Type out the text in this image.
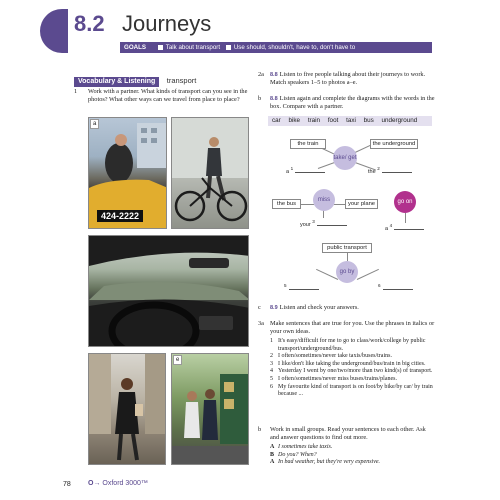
8.2 Journeys
GOALS	Talk about transport Use should, shouldn't, have to, don't have to
Vocabulary & Listening transport
1 Work with a partner. What kinds of transport can you see in the photos? What other ways can we travel from place to place?
a
424-2222
e
2a 8.8 Listen to five people talking about their journeys to work. Match speakers 1–5 to photos a–e.
b 8.8 Listen again and complete the diagrams with the words in the box. Compare with a partner.
car bike train foot taxi bus underground
the train	the underground
take/ get
a $^1$
the $^2$
the bus
miss
your plane
your $^3$
go on
a $^4$
public transport
go by
$^5$	$^6$
c 8.9 Listen and check your answers.
3a Make sentences that are true for you. Use the phrases in italics or your own ideas.
1 It's easy/difficult for me to go to class/work/college by public transport/underground/bus.
2 I often/sometimes/never take taxis/buses/trains.
3 I like/don't like taking the underground/bus/train in big cities.
4 Yesterday I went by one/two/more than two kind(s) of transport.
5 I often/sometimes/never miss buses/trains/planes.
6 My favourite kind of transport is on foot/by bike/by car/ by train because ...
b Work in small groups. Read your sentences to each other. Ask and answer questions to find out more.
A I sometimes take taxis.
B Do you? When?
A In bad weather, but they're very expensive.
78 O→ Oxford 3000™
